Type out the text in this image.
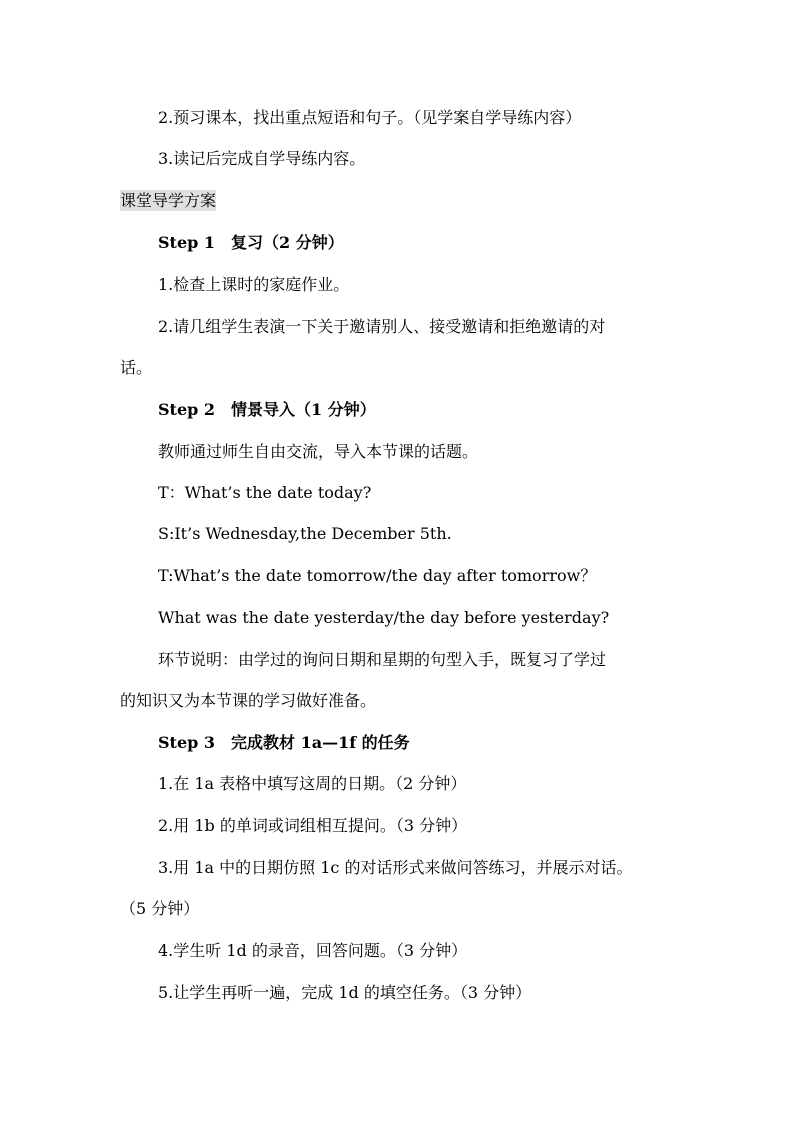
2.预习课本，找出重点短语和句子。（见学案自学导练内容）
3.读记后完成自学导练内容。
课堂导学方案
Step 1　复习（2 分钟）
1.检查上课时的家庭作业。
2.请几组学生表演一下关于邀请别人、接受邀请和拒绝邀请的对
话。
Step 2　情景导入（1 分钟）
教师通过师生自由交流，导入本节课的话题。
T：What’s the date today?
S:It’s Wednesday,the December 5th.
T:What’s the date tomorrow/the day after tomorrow？
What was the date yesterday/the day before yesterday?
环节说明：由学过的询问日期和星期的句型入手，既复习了学过
的知识又为本节课的学习做好准备。
Step 3　完成教材 1a—1f 的任务
1.在 1a 表格中填写这周的日期。（2 分钟）
2.用 1b 的单词或词组相互提问。（3 分钟）
3.用 1a 中的日期仿照 1c 的对话形式来做问答练习，并展示对话。
（5 分钟）
4.学生听 1d 的录音，回答问题。（3 分钟）
5.让学生再听一遍，完成 1d 的填空任务。（3 分钟）
